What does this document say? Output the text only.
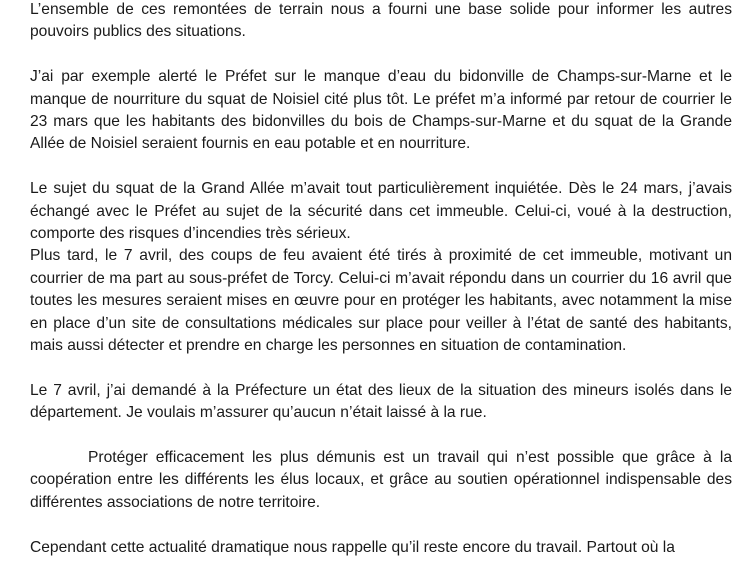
L’ensemble de ces remontées de terrain nous a fourni une base solide pour informer les autres pouvoirs publics des situations.

J’ai par exemple alerté le Préfet sur le manque d’eau du bidonville de Champs-sur-Marne et le manque de nourriture du squat de Noisiel cité plus tôt. Le préfet m’a informé par retour de courrier le 23 mars que les habitants des bidonvilles du bois de Champs-sur-Marne et du squat de la Grande Allée de Noisiel seraient fournis en eau potable et en nourriture.

Le sujet du squat de la Grand Allée m’avait tout particulièrement inquiétée. Dès le 24 mars, j’avais échangé avec le Préfet au sujet de la sécurité dans cet immeuble. Celui-ci, voué à la destruction, comporte des risques d’incendies très sérieux.

Plus tard, le 7 avril, des coups de feu avaient été tirés à proximité de cet immeuble, motivant un courrier de ma part au sous-préfet de Torcy. Celui-ci m’avait répondu dans un courrier du 16 avril que toutes les mesures seraient mises en œuvre pour en protéger les habitants, avec notamment la mise en place d’un site de consultations médicales sur place pour veiller à l’état de santé des habitants, mais aussi détecter et prendre en charge les personnes en situation de contamination.

Le 7 avril, j’ai demandé à la Préfecture un état des lieux de la situation des mineurs isolés dans le département. Je voulais m’assurer qu’aucun n’était laissé à la rue.

Protéger efficacement les plus démunis est un travail qui n’est possible que grâce à la coopération entre les différents les élus locaux, et grâce au soutien opérationnel indispensable des différentes associations de notre territoire.

Cependant cette actualité dramatique nous rappelle qu’il reste encore du travail. Partout où la
